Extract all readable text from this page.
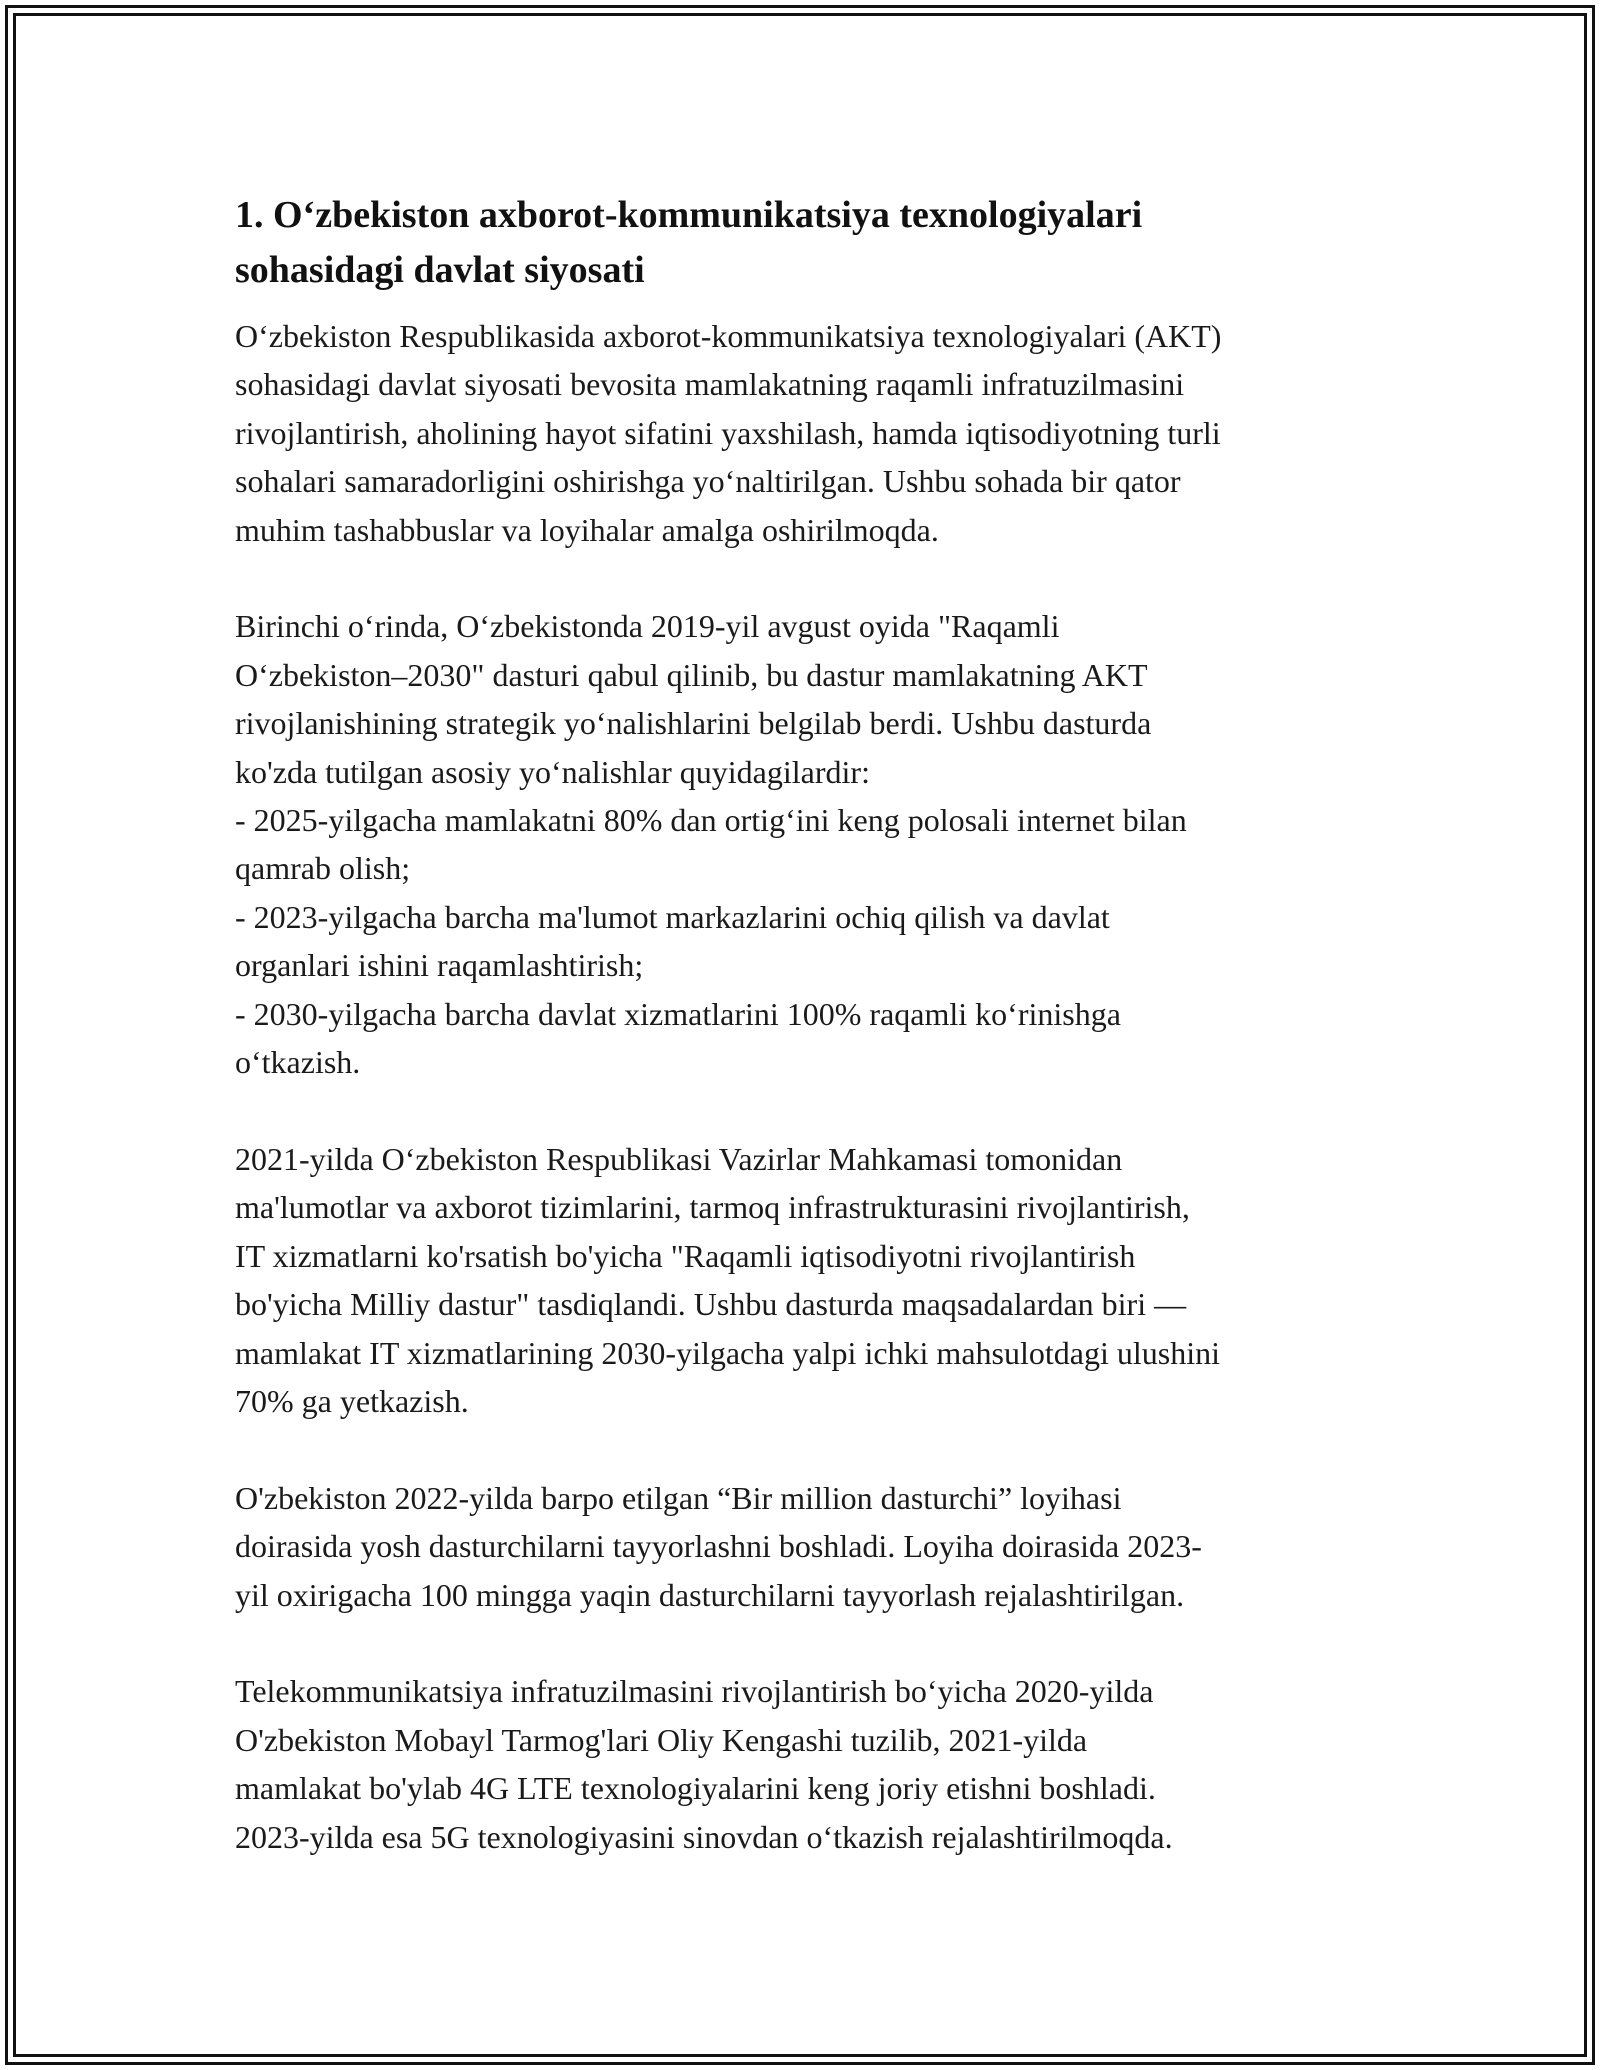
1. O‘zbekiston axborot-kommunikatsiya texnologiyalari
sohasidagi davlat siyosati

O‘zbekiston Respublikasida axborot-kommunikatsiya texnologiyalari (AKT)
sohasidagi davlat siyosati bevosita mamlakatning raqamli infratuzilmasini
rivojlantirish, aholining hayot sifatini yaxshilash, hamda iqtisodiyotning turli
sohalari samaradorligini oshirishga yo‘naltirilgan. Ushbu sohada bir qator
muhim tashabbuslar va loyihalar amalga oshirilmoqda.

Birinchi o‘rinda, O‘zbekistonda 2019-yil avgust oyida "Raqamli
O‘zbekiston–2030" dasturi qabul qilinib, bu dastur mamlakatning AKT
rivojlanishining strategik yo‘nalishlarini belgilab berdi. Ushbu dasturda
ko'zda tutilgan asosiy yo‘nalishlar quyidagilardir:
- 2025-yilgacha mamlakatni 80% dan ortig‘ini keng polosali internet bilan
qamrab olish;
- 2023-yilgacha barcha ma'lumot markazlarini ochiq qilish va davlat
organlari ishini raqamlashtirish;
- 2030-yilgacha barcha davlat xizmatlarini 100% raqamli ko‘rinishga
o‘tkazish.

2021-yilda O‘zbekiston Respublikasi Vazirlar Mahkamasi tomonidan
ma'lumotlar va axborot tizimlarini, tarmoq infrastrukturasini rivojlantirish,
IT xizmatlarni ko'rsatish bo'yicha "Raqamli iqtisodiyotni rivojlantirish
bo'yicha Milliy dastur" tasdiqlandi. Ushbu dasturda maqsadalardan biri —
mamlakat IT xizmatlarining 2030-yilgacha yalpi ichki mahsulotdagi ulushini
70% ga yetkazish.

O'zbekiston 2022-yilda barpo etilgan “Bir million dasturchi” loyihasi
doirasida yosh dasturchilarni tayyorlashni boshladi. Loyiha doirasida 2023-
yil oxirigacha 100 mingga yaqin dasturchilarni tayyorlash rejalashtirilgan.

Telekommunikatsiya infratuzilmasini rivojlantirish bo‘yicha 2020-yilda
O'zbekiston Mobayl Tarmog'lari Oliy Kengashi tuzilib, 2021-yilda
mamlakat bo'ylab 4G LTE texnologiyalarini keng joriy etishni boshladi.
2023-yilda esa 5G texnologiyasini sinovdan o‘tkazish rejalashtirilmoqda.
